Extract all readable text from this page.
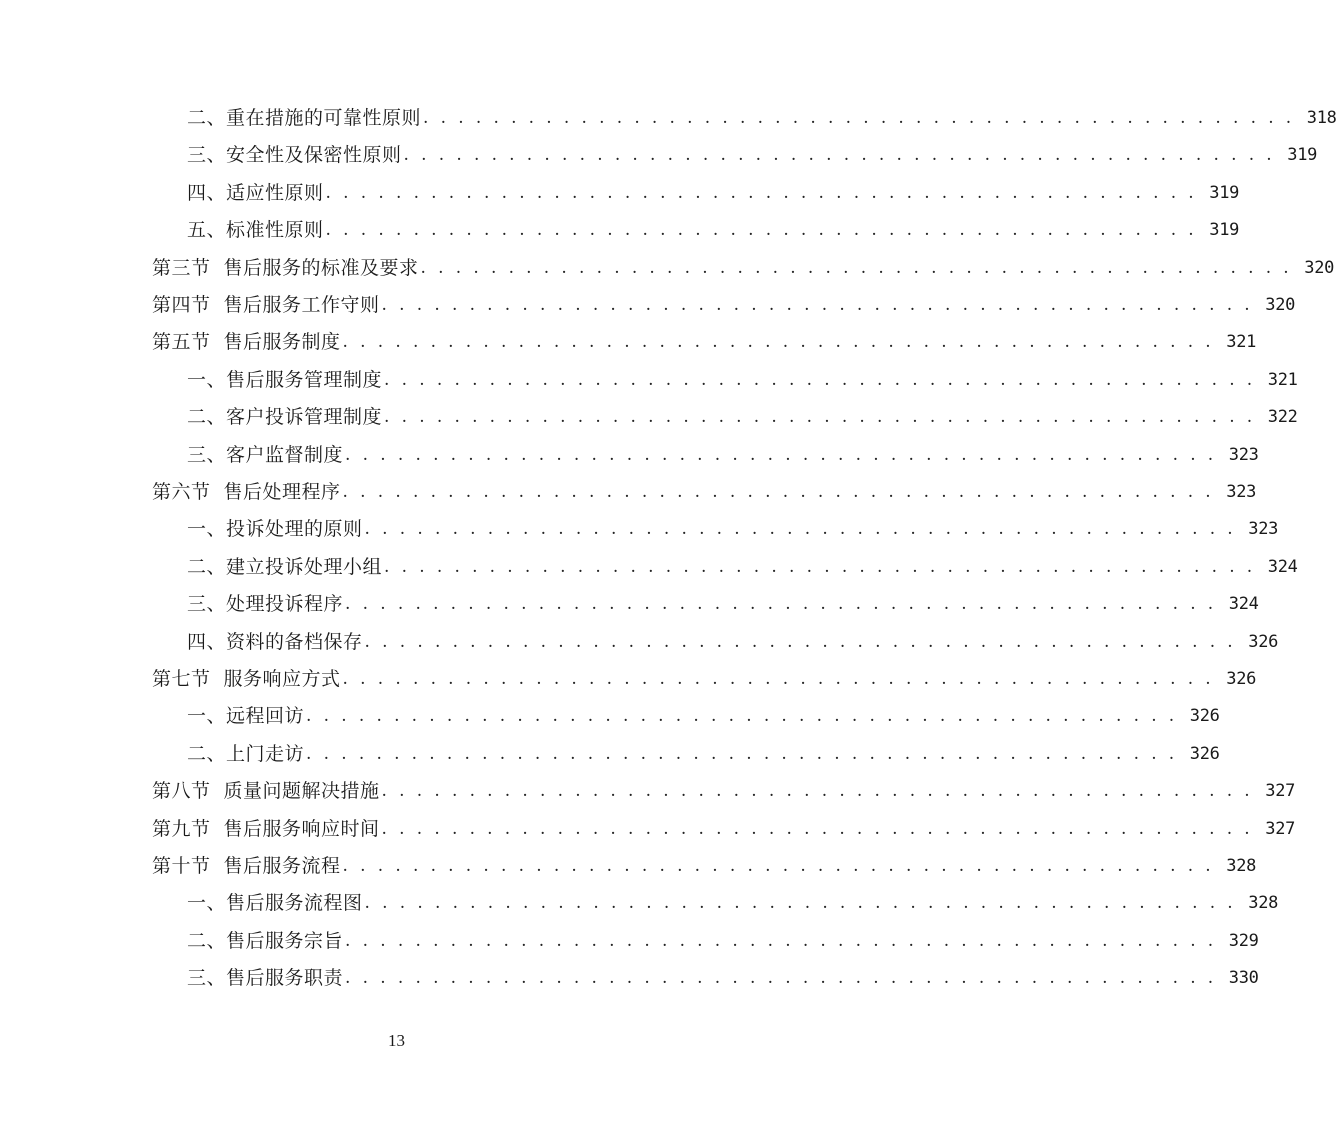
二、重在措施的可靠性原则 . . . . . . . . . . . . . . . . . . . . . . . . . . . . . . . . . . . . . . . . . . . . . . . . . . 318
三、安全性及保密性原则 . . . . . . . . . . . . . . . . . . . . . . . . . . . . . . . . . . . . . . . . . . . . . . . . . . 319
四、适应性原则 . . . . . . . . . . . . . . . . . . . . . . . . . . . . . . . . . . . . . . . . . . . . . . . . . . 319
五、标准性原则 . . . . . . . . . . . . . . . . . . . . . . . . . . . . . . . . . . . . . . . . . . . . . . . . . . 319
第三节 售后服务的标准及要求 . . . . . . . . . . . . . . . . . . . . . . . . . . . . . . . . . . . . . . . . . . . . . . . . . . 320
第四节 售后服务工作守则 . . . . . . . . . . . . . . . . . . . . . . . . . . . . . . . . . . . . . . . . . . . . . . . . . . 320
第五节 售后服务制度 . . . . . . . . . . . . . . . . . . . . . . . . . . . . . . . . . . . . . . . . . . . . . . . . . . 321
一、售后服务管理制度 . . . . . . . . . . . . . . . . . . . . . . . . . . . . . . . . . . . . . . . . . . . . . . . . . . 321
二、客户投诉管理制度 . . . . . . . . . . . . . . . . . . . . . . . . . . . . . . . . . . . . . . . . . . . . . . . . . . 322
三、客户监督制度 . . . . . . . . . . . . . . . . . . . . . . . . . . . . . . . . . . . . . . . . . . . . . . . . . . 323
第六节 售后处理程序 . . . . . . . . . . . . . . . . . . . . . . . . . . . . . . . . . . . . . . . . . . . . . . . . . . 323
一、投诉处理的原则 . . . . . . . . . . . . . . . . . . . . . . . . . . . . . . . . . . . . . . . . . . . . . . . . . . 323
二、建立投诉处理小组 . . . . . . . . . . . . . . . . . . . . . . . . . . . . . . . . . . . . . . . . . . . . . . . . . . 324
三、处理投诉程序 . . . . . . . . . . . . . . . . . . . . . . . . . . . . . . . . . . . . . . . . . . . . . . . . . . 324
四、资料的备档保存 . . . . . . . . . . . . . . . . . . . . . . . . . . . . . . . . . . . . . . . . . . . . . . . . . . 326
第七节 服务响应方式 . . . . . . . . . . . . . . . . . . . . . . . . . . . . . . . . . . . . . . . . . . . . . . . . . . 326
一、远程回访 . . . . . . . . . . . . . . . . . . . . . . . . . . . . . . . . . . . . . . . . . . . . . . . . . . 326
二、上门走访 . . . . . . . . . . . . . . . . . . . . . . . . . . . . . . . . . . . . . . . . . . . . . . . . . . 326
第八节 质量问题解决措施 . . . . . . . . . . . . . . . . . . . . . . . . . . . . . . . . . . . . . . . . . . . . . . . . . . 327
第九节 售后服务响应时间 . . . . . . . . . . . . . . . . . . . . . . . . . . . . . . . . . . . . . . . . . . . . . . . . . . 327
第十节 售后服务流程 . . . . . . . . . . . . . . . . . . . . . . . . . . . . . . . . . . . . . . . . . . . . . . . . . . 328
一、售后服务流程图 . . . . . . . . . . . . . . . . . . . . . . . . . . . . . . . . . . . . . . . . . . . . . . . . . . 328
二、售后服务宗旨 . . . . . . . . . . . . . . . . . . . . . . . . . . . . . . . . . . . . . . . . . . . . . . . . . . 329
三、售后服务职责 . . . . . . . . . . . . . . . . . . . . . . . . . . . . . . . . . . . . . . . . . . . . . . . . . . 330
13
